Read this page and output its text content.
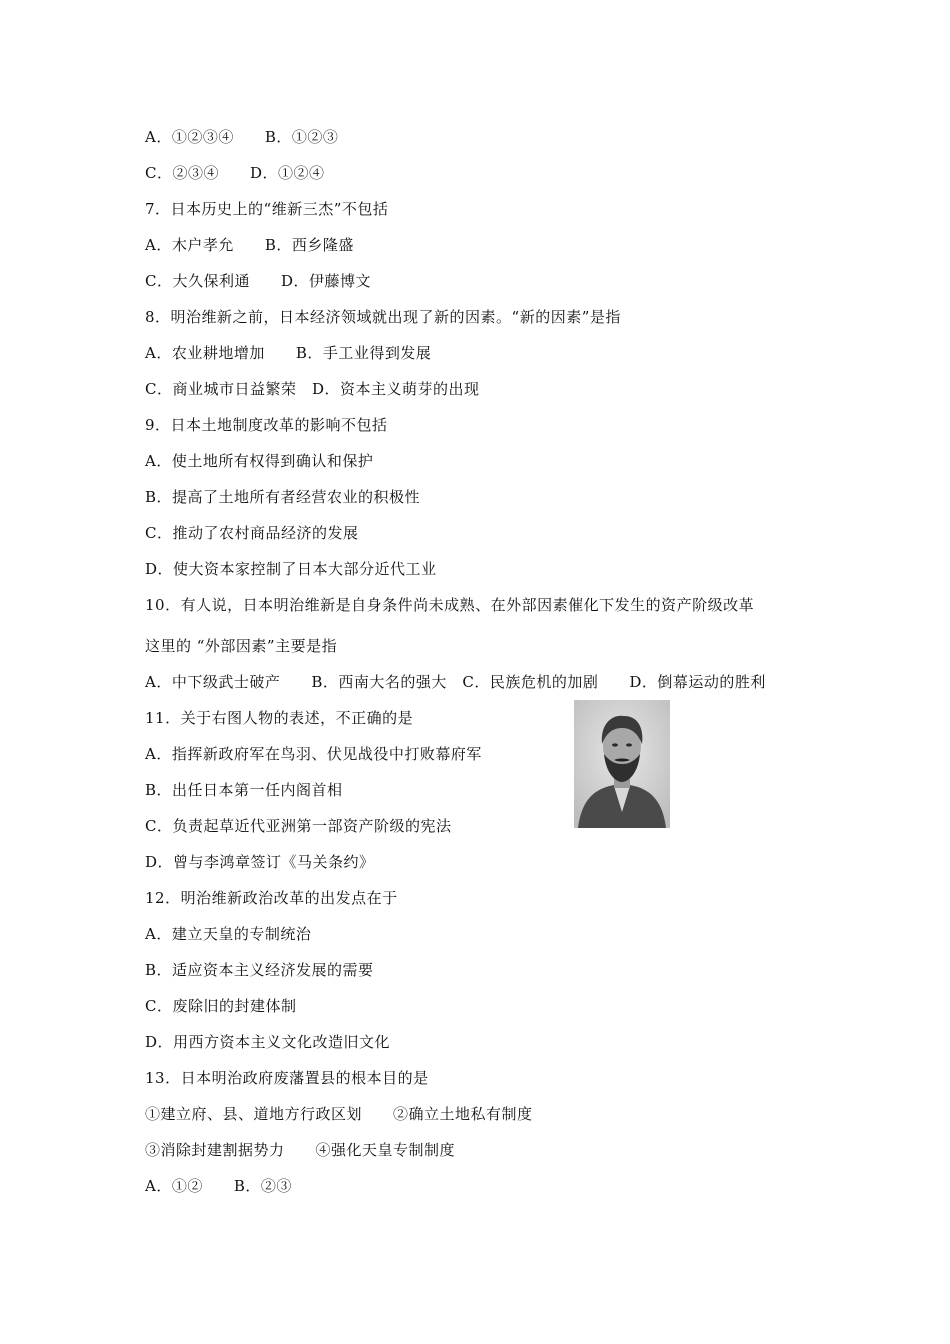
A．①②③④　　B．①②③
C．②③④　　D．①②④
7．日本历史上的“维新三杰”不包括
A．木户孝允　　B．西乡隆盛
C．大久保利通　　D．伊藤博文
8．明治维新之前，日本经济领域就出现了新的因素。“新的因素”是指
A．农业耕地增加　　B．手工业得到发展
C．商业城市日益繁荣　D．资本主义萌芽的出现
9．日本土地制度改革的影响不包括
A．使土地所有权得到确认和保护
B．提高了土地所有者经营农业的积极性
C．推动了农村商品经济的发展
D．使大资本家控制了日本大部分近代工业
10．有人说，日本明治维新是自身条件尚未成熟、在外部因素催化下发生的资产阶级改革
这里的 “外部因素”主要是指
A．中下级武士破产　　B．西南大名的强大　C．民族危机的加剧　　D．倒幕运动的胜利
11．关于右图人物的表述，不正确的是
A．指挥新政府军在鸟羽、伏见战役中打败幕府军
B．出任日本第一任内阁首相
C．负责起草近代亚洲第一部资产阶级的宪法
D．曾与李鸿章签订《马关条约》
12．明治维新政治改革的出发点在于
A．建立天皇的专制统治
B．适应资本主义经济发展的需要
C．废除旧的封建体制
D．用西方资本主义文化改造旧文化
13．日本明治政府废藩置县的根本目的是
①建立府、县、道地方行政区划　　②确立土地私有制度
③消除封建割据势力　　④强化天皇专制制度
A．①②　　B．②③
